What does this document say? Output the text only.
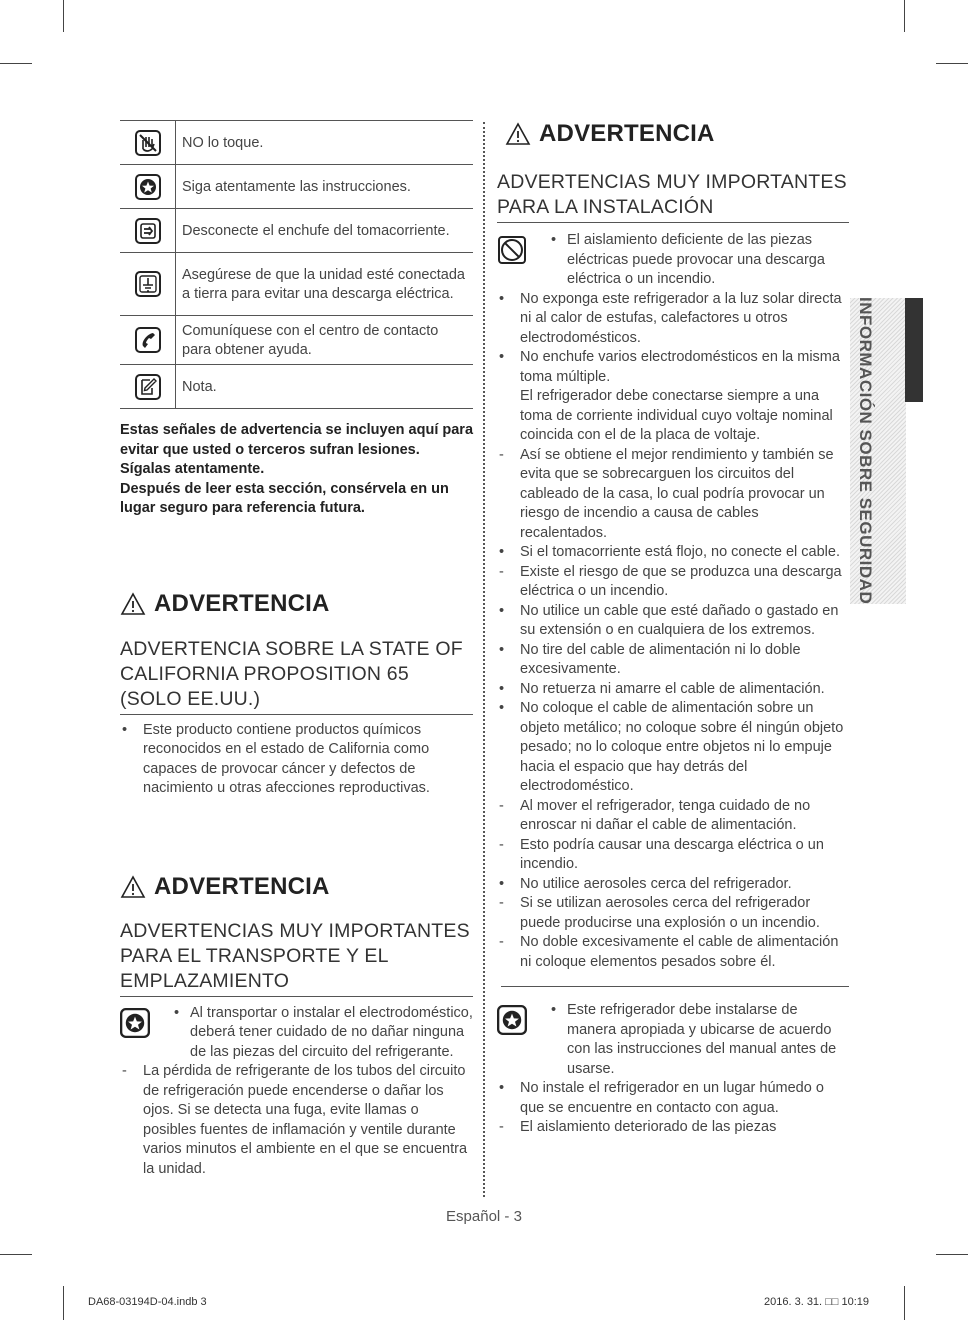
NO lo toque.
Siga atentamente las instrucciones.
Desconecte el enchufe del tomacorriente.
Asegúrese de que la unidad esté conectada a tierra para evitar una descarga eléctrica.
Comuníquese con el centro de contacto para obtener ayuda.
Nota.

Estas señales de advertencia se incluyen aquí para evitar que usted o terceros sufran lesiones.

Sígalas atentamente.

Después de leer esta sección, consérvela en un lugar seguro para referencia futura.

ADVERTENCIA
ADVERTENCIA SOBRE LA STATE OF CALIFORNIA PROPOSITION 65 (SOLO EE.UU.)
•	Este producto contiene productos químicos reconocidos en el estado de California como capaces de provocar cáncer y defectos de nacimiento u otras afecciones reproductivas.
ADVERTENCIA
ADVERTENCIAS MUY IMPORTANTES PARA EL TRANSPORTE Y EL EMPLAZAMIENTO
• Al transportar o instalar el electrodoméstico, deberá tener cuidado de no dañar ninguna de las piezas del circuito del refrigerante.
-	La pérdida de refrigerante de los tubos del circuito de refrigeración puede encenderse o dañar los ojos. Si se detecta una fuga, evite llamas o posibles fuentes de inflamación y ventile durante varios minutos el ambiente en el que se encuentra la unidad.
ADVERTENCIA
ADVERTENCIAS MUY IMPORTANTES PARA LA INSTALACIÓN
• El aislamiento deficiente de las piezas eléctricas puede provocar una descarga eléctrica o un incendio.
•	No exponga este refrigerador a la luz solar directa ni al calor de estufas, calefactores u otros electrodomésticos.
•	No enchufe varios electrodomésticos en la misma toma múltiple.
El refrigerador debe conectarse siempre a una toma de corriente individual cuyo voltaje nominal coincida con el de la placa de voltaje.
-	Así se obtiene el mejor rendimiento y también se evita que se sobrecarguen los circuitos del cableado de la casa, lo cual podría provocar un riesgo de incendio a causa de cables recalentados.
•	Si el tomacorriente está flojo, no conecte el cable.
-	Existe el riesgo de que se produzca una descarga eléctrica o un incendio.
•	No utilice un cable que esté dañado o gastado en su extensión o en cualquiera de los extremos.
•	No tire del cable de alimentación ni lo doble excesivamente.
•	No retuerza ni amarre el cable de alimentación.
•	No coloque el cable de alimentación sobre un objeto metálico; no coloque sobre él ningún objeto pesado; no lo coloque entre objetos ni lo empuje hacia el espacio que hay detrás del electrodoméstico.
-	Al mover el refrigerador, tenga cuidado de no enroscar ni dañar el cable de alimentación.
-	Esto podría causar una descarga eléctrica o un incendio.
•	No utilice aerosoles cerca del refrigerador.
-	Si se utilizan aerosoles cerca del refrigerador puede producirse una explosión o un incendio.
-	No doble excesivamente el cable de alimentación ni coloque elementos pesados sobre él.
• Este refrigerador debe instalarse de manera apropiada y ubicarse de acuerdo con las instrucciones del manual antes de usarse.
•	No instale el refrigerador en un lugar húmedo o que se encuentre en contacto con agua.
-	El aislamiento deteriorado de las piezas
INFORMACIÓN SOBRE SEGURIDAD
Español - 3
DA68-03194D-04.indb 3	2016. 3. 31. □□ 10:19
